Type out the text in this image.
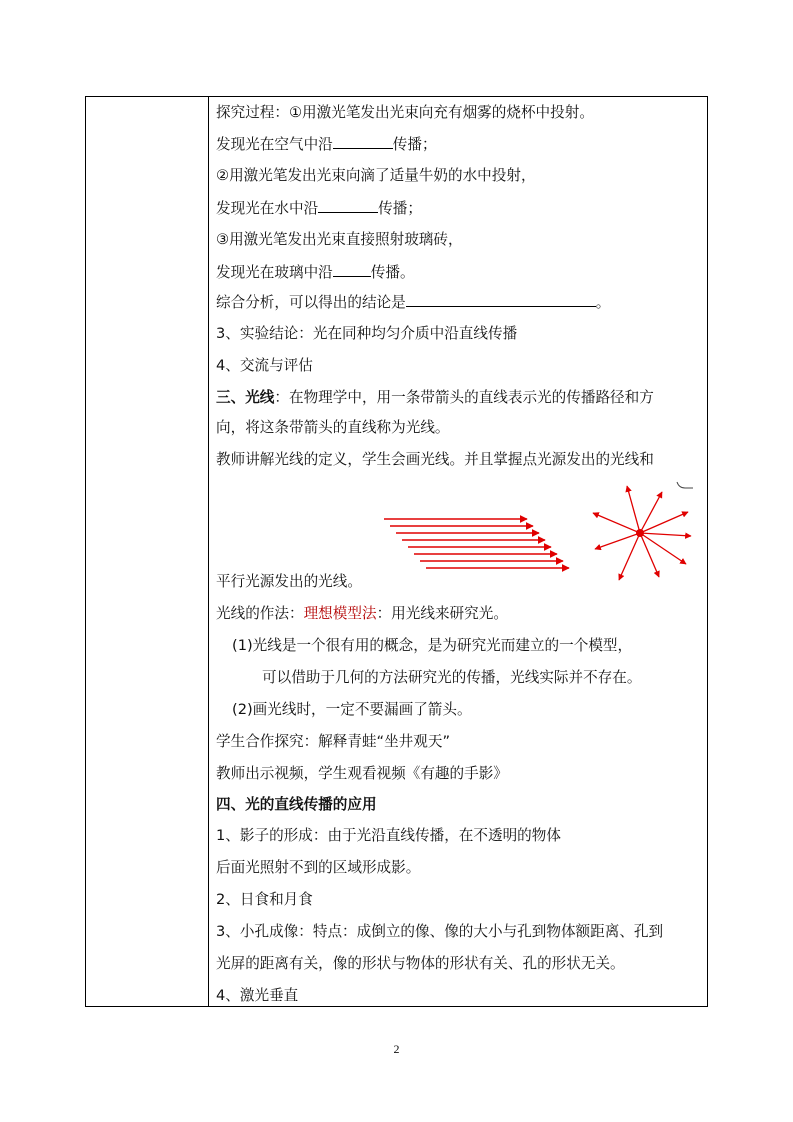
探究过程：①用激光笔发出光束向充有烟雾的烧杯中投射。
发现光在空气中沿	传播；
②用激光笔发出光束向滴了适量牛奶的水中投射，
发现光在水中沿	传播；
③用激光笔发出光束直接照射玻璃砖，
发现光在玻璃中沿	传播。
综合分析，可以得出的结论是	。
3、实验结论：光在同种均匀介质中沿直线传播
4、交流与评估
三、光线：在物理学中，用一条带箭头的直线表示光的传播路径和方
向，将这条带箭头的直线称为光线。
教师讲解光线的定义，学生会画光线。并且掌握点光源发出的光线和
平行光源发出的光线。
光线的作法：理想模型法：用光线来研究光。
(1)光线是一个很有用的概念，是为研究光而建立的一个模型，
可以借助于几何的方法研究光的传播，光线实际并不存在。
(2)画光线时，一定不要漏画了箭头。
学生合作探究：解释青蛙“坐井观天”
教师出示视频，学生观看视频《有趣的手影》
四、光的直线传播的应用
1、影子的形成：由于光沿直线传播，在不透明的物体
后面光照射不到的区域形成影。
2、日食和月食
3、小孔成像：特点：成倒立的像、像的大小与孔到物体额距离、孔到
光屏的距离有关，像的形状与物体的形状有关、孔的形状无关。
4、激光垂直
2
